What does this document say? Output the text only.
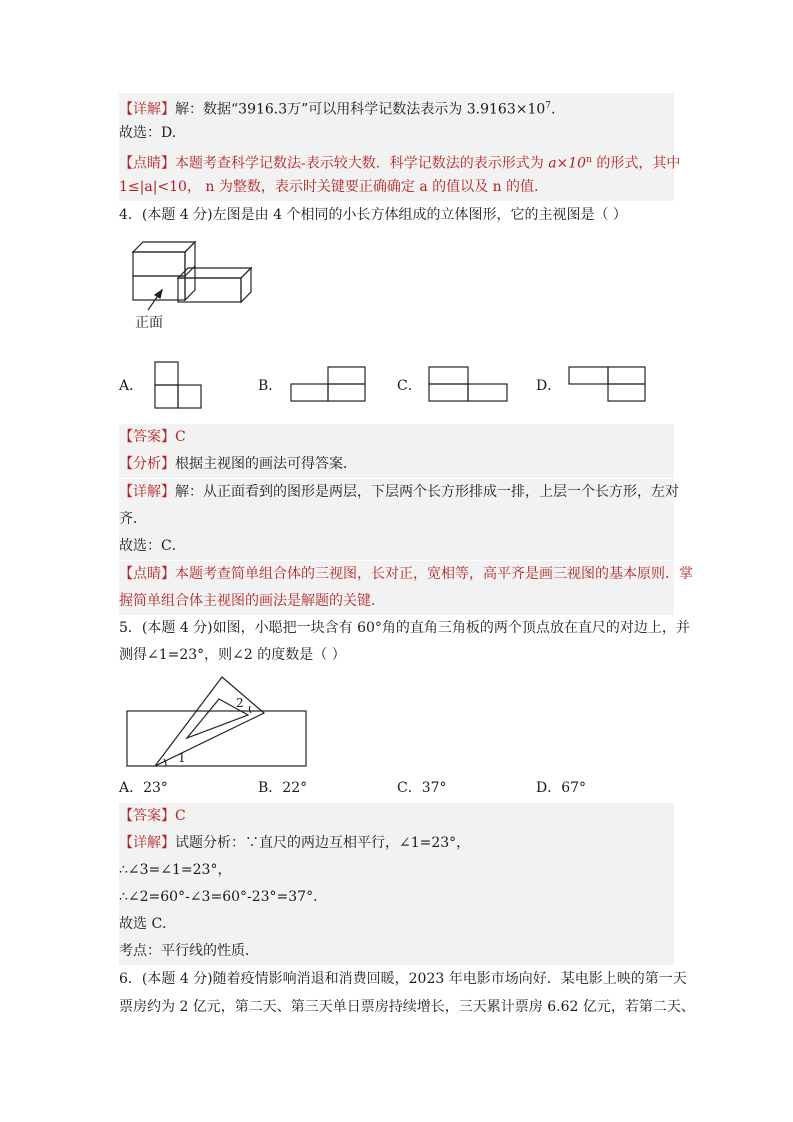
【详解】解：数据“3916.3万”可以用科学记数法表示为 $3.9163\times 10^7$.
故选：D.
【点睛】本题考查科学记数法-表示较大数．科学记数法的表示形式为 $a\times 10^n$ 的形式，其中
1≤|a|<10， n 为整数，表示时关键要正确确定 a 的值以及 n 的值.
4．(本题 4 分)左图是由 4 个相同的小长方体组成的立体图形，它的主视图是（ ）
正面
A．	B．	C．	D．
【答案】C
【分析】根据主视图的画法可得答案．
【详解】解：从正面看到的图形是两层，下层两个长方形排成一排，上层一个长方形，左对
齐．
故选：C．
【点睛】本题考查简单组合体的三视图，长对正，宽相等，高平齐是画三视图的基本原则．掌
握简单组合体主视图的画法是解题的关键．
5．(本题 4 分)如图，小聪把一块含有 60°角的直角三角板的两个顶点放在直尺的对边上，并
测得∠1=23°，则∠2 的度数是（ ）
1
2
A．23°	B．22°	C．37°	D．67°
【答案】C
【详解】试题分析：∵直尺的两边互相平行，∠1=23°，
∴∠3=∠1=23°，
∴∠2=60°-∠3=60°-23°=37°．
故选 C．
考点：平行线的性质．
6．(本题 4 分)随着疫情影响消退和消费回暖，2023 年电影市场向好．某电影上映的第一天
票房约为 2 亿元，第二天、第三天单日票房持续增长，三天累计票房 6.62 亿元，若第二天、
